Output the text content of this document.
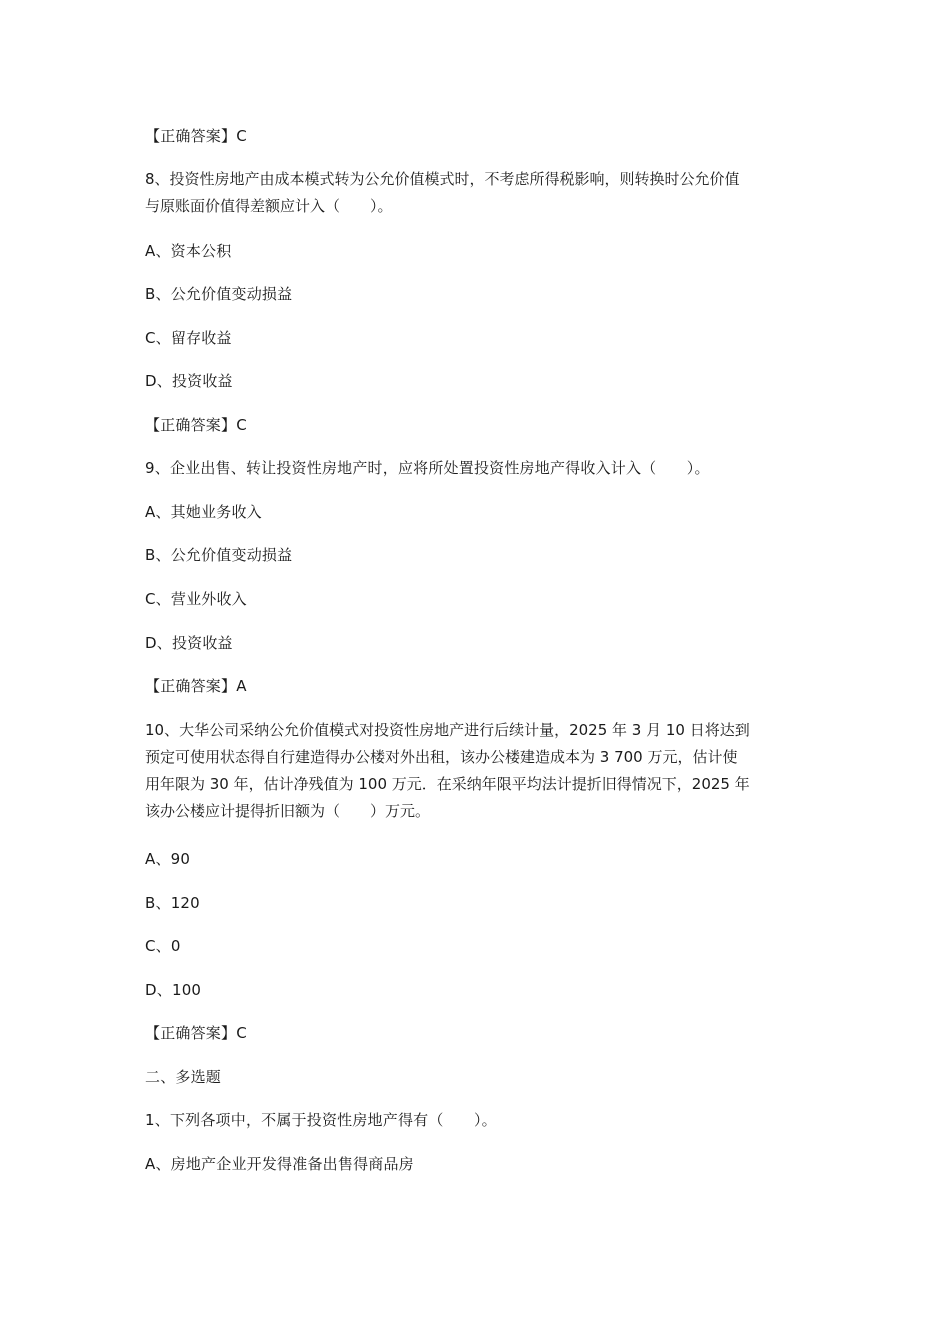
【正确答案】C
8、投资性房地产由成本模式转为公允价值模式时，不考虑所得税影响，则转换时公允价值
与原账面价值得差额应计入（　　）。
A、资本公积
B、公允价值变动损益
C、留存收益
D、投资收益
【正确答案】C
9、企业出售、转让投资性房地产时，应将所处置投资性房地产得收入计入（　　）。
A、其她业务收入
B、公允价值变动损益
C、营业外收入
D、投资收益
【正确答案】A
10、大华公司采纳公允价值模式对投资性房地产进行后续计量，2025 年 3 月 10 日将达到
预定可使用状态得自行建造得办公楼对外出租，该办公楼建造成本为 3 700 万元，估计使
用年限为 30 年，估计净残值为 100 万元．在采纳年限平均法计提折旧得情况下，2025 年
该办公楼应计提得折旧额为（　　）万元。
A、90
B、120
C、0
D、100
【正确答案】C
二、多选题
1、下列各项中，不属于投资性房地产得有（　　）。
A、房地产企业开发得准备出售得商品房
